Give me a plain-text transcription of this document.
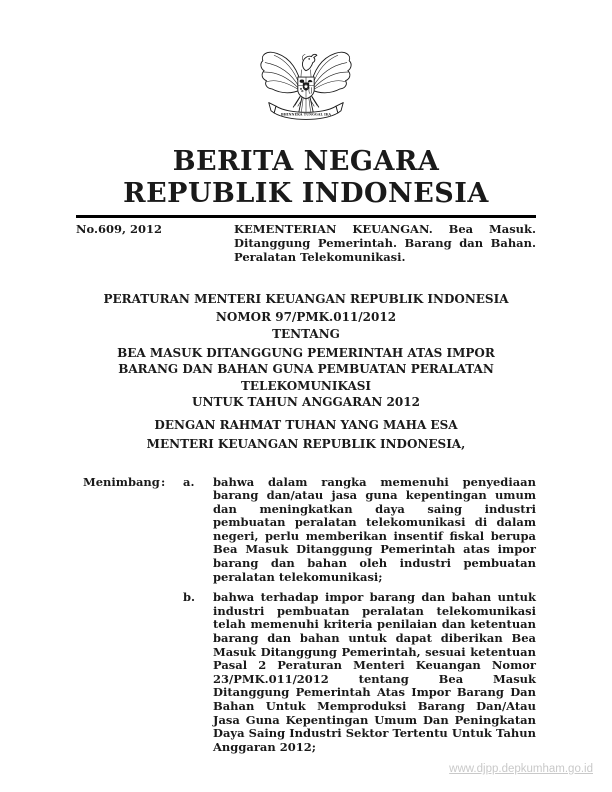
BHINNEKA TUNGGAL IKA
BERITA NEGARA
REPUBLIK INDONESIA
No.609, 2012	KEMENTERIAN KEUANGAN. Bea Masuk. Ditanggung Pemerintah. Barang dan Bahan. Peralatan Telekomunikasi.
PERATURAN MENTERI KEUANGAN REPUBLIK INDONESIA
NOMOR 97/PMK.011/2012
TENTANG
BEA MASUK DITANGGUNG PEMERINTAH ATAS IMPOR BARANG DAN BAHAN GUNA PEMBUATAN PERALATAN TELEKOMUNIKASI
UNTUK TAHUN ANGGARAN 2012
DENGAN RAHMAT TUHAN YANG MAHA ESA
MENTERI KEUANGAN REPUBLIK INDONESIA,
Menimbang :	a.	bahwa dalam rangka memenuhi penyediaan barang dan/atau jasa guna kepentingan umum dan meningkatkan daya saing industri pembuatan peralatan telekomunikasi di dalam negeri, perlu memberikan insentif fiskal berupa Bea Masuk Ditanggung Pemerintah atas impor barang dan bahan oleh industri pembuatan peralatan telekomunikasi;
b.	bahwa terhadap impor barang dan bahan untuk industri pembuatan peralatan telekomunikasi telah memenuhi kriteria penilaian dan ketentuan barang dan bahan untuk dapat diberikan Bea Masuk Ditanggung Pemerintah, sesuai ketentuan Pasal 2 Peraturan Menteri Keuangan Nomor 23/PMK.011/2012 tentang Bea Masuk Ditanggung Pemerintah Atas Impor Barang Dan Bahan Untuk Memproduksi Barang Dan/Atau Jasa Guna Kepentingan Umum Dan Peningkatan Daya Saing Industri Sektor Tertentu Untuk Tahun Anggaran 2012;
www.djpp.depkumham.go.id
